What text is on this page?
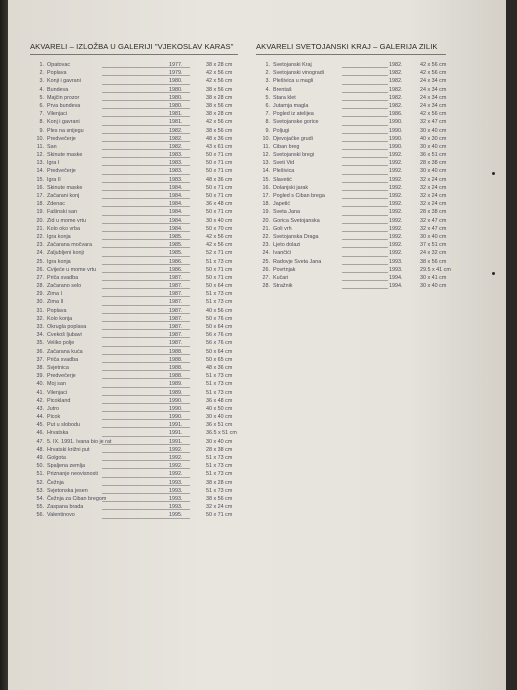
AKVARELI – IZLOŽBA U GALERIJI "VJEKOSLAV KARAS"
1. Opatovac	1977.	38 x 28 cm
2. Poplava	1979.	42 x 56 cm
3. Konji i gavrani	1980.	42 x 56 cm
4. Bundeva	1980.	38 x 56 cm
5. Majčin prozor	1980.	38 x 28 cm
6. Prva bundeva	1980.	38 x 56 cm
7. Vilenjaci	1981.	38 x 28 cm
8. Konj i gavrani	1981.	42 x 56 cm
9. Ples na snijegu	1982.	38 x 56 cm
10. Predvečerje	1982.	48 x 36 cm
11. San	1982.	43 x 61 cm
12. Skinute maske	1983.	50 x 71 cm
13. Igra I	1983.	50 x 71 cm
14. Predvečerje	1983.	50 x 71 cm
15. Igra II	1983.	48 x 36 cm
16. Skinute maske	1984.	50 x 71 cm
17. Začarani konj	1984.	50 x 71 cm
18. Zdenac	1984.	36 x 48 cm
19. Fašinski san	1984.	50 x 71 cm
20. Zid u mome vrtu	1984.	30 x 40 cm
21. Kolo oko vrba	1984.	50 x 70 cm
22. Igra konja	1985.	42 x 56 cm
23. Začarana močvara	1985.	42 x 56 cm
24. Zaljubljeni konji	1985.	52 x 71 cm
25. Igra konja	1986.	51 x 73 cm
26. Cvijeće u mome vrtu	1986.	50 x 71 cm
27. Priča svadba	1987.	50 x 71 cm
28. Začarano selo	1987.	50 x 64 cm
29. Zima I	1987.	51 x 73 cm
30. Zima II	1987.	51 x 73 cm
31. Poplava	1987.	40 x 56 cm
32. Kolo konja	1987.	50 x 76 cm
33. Okrugla poplava	1987.	50 x 64 cm
34. Cvekoš ljubavi	1987.	56 x 76 cm
35. Veliko polje	1987.	56 x 76 cm
36. Začarana kuća	1988.	50 x 64 cm
37. Priča svadba	1988.	50 x 65 cm
38. Svjetnica	1988.	48 x 36 cm
39. Predvečerje	1988.	51 x 73 cm
40. Moj san	1989.	51 x 73 cm
41. Vilenjaci	1989.	51 x 73 cm
42. Picokland	1990.	36 x 48 cm
43. Jutro	1990.	40 x 50 cm
44. Picok	1990.	30 x 40 cm
45. Put u slobodu	1991.	36 x 51 cm
46. Hrvatska	1991.	36.5 x 51 cm
47. 5. IX. 1991. Ivana bio je rat	1991.	30 x 40 cm
48. Hrvatski križni put	1992.	28 x 38 cm
49. Golgota	1992.	51 x 73 cm
50. Spaljena zemlja	1992.	51 x 73 cm
51. Priznanje neovisnosti	1992.	51 x 73 cm
52. Čežnja	1993.	38 x 28 cm
53. Svjetonska jesen	1993.	51 x 73 cm
54. Čežnja za Ciban bregom	1993.	38 x 56 cm
55. Zaspana brada	1993.	32 x 24 cm
56. Valentinovo	1995.	50 x 71 cm
AKVARELI SVETOJANSKI KRAJ – GALERIJA ZILIK
1. Svetojanski Kraj	1982.	42 x 56 cm
2. Svetojanski vinogradi	1982.	42 x 56 cm
3. Plešivica u magli	1982.	24 x 34 cm
4. Brentaš	1982.	24 x 34 cm
5. Stara klet	1982.	24 x 34 cm
6. Jutarnja magla	1982.	24 x 34 cm
7. Pogled iz atelijea	1986.	42 x 56 cm
8. Svetojanske gorice	1990.	32 x 47 cm
9. Poljugi	1990.	30 x 40 cm
10. Djevojačke grudi	1990.	40 x 30 cm
11. Ciban breg	1990.	30 x 40 cm
12. Svetojanski bregi	1992.	36 x 51 cm
13. Sveti Vid	1992.	28 x 38 cm
14. Plešivica	1992.	30 x 40 cm
15. Slavetić	1992.	32 x 24 cm
16. Dolanjski jarak	1992.	32 x 24 cm
17. Pogled s Ciban brega	1992.	32 x 24 cm
18. Japetić	1992.	32 x 24 cm
19. Sveta Jana	1992.	28 x 38 cm
20. Gorica Svetojanska	1992.	32 x 47 cm
21. Goli vrh	1992.	32 x 47 cm
22. Svetojanska Draga	1992.	30 x 40 cm
23. Ljeto dolazi	1992.	37 x 51 cm
24. Ivančići	1992.	24 x 32 cm
25. Radovje Sveta Jana	1993.	38 x 56 cm
26. Povrtnjak	1993.	29.5 x 41 cm
27. Kučari	1994.	30 x 41 cm
28. Stražnik	1994.	30 x 40 cm
